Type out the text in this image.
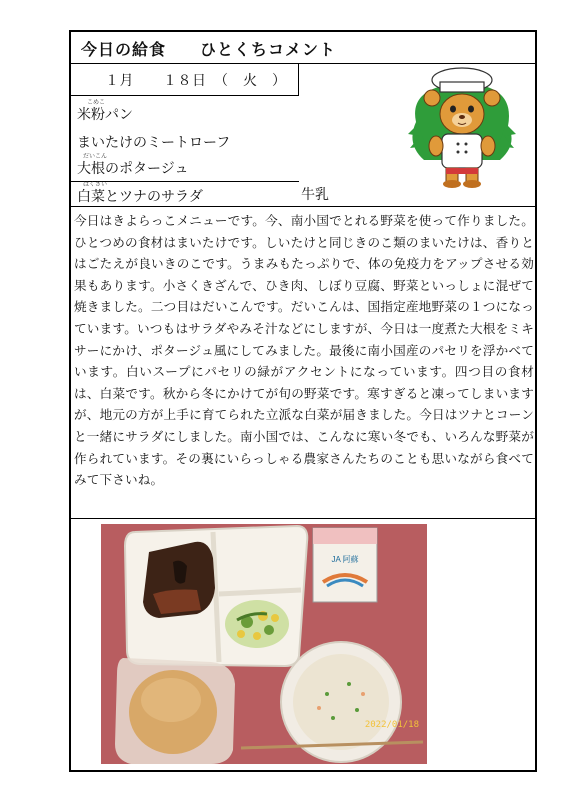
今日の給食　　ひとくちコメント
１月　　１８日　（　火　）
こめこ
米粉パン
まいたけのミートローフ
だいこん
大根のポタージュ
はくさい
白菜とツナのサラダ	牛乳
今日はきよらっこメニューです。今、南小国でとれる野菜を使って作りました。ひとつめの食材はまいたけです。しいたけと同じきのこ類のまいたけは、香りとはごたえが良いきのこです。うまみもたっぷりで、体の免疫力をアップさせる効果もあります。小さくきざんで、ひき肉、しぼり豆腐、野菜といっしょに混ぜて焼きました。二つ目はだいこんです。だいこんは、国指定産地野菜の１つになっています。いつもはサラダやみそ汁などにしますが、今日は一度煮た大根をミキサーにかけ、ポタージュ風にしてみました。最後に南小国産のパセリを浮かべています。白いスープにパセリの緑がアクセントになっています。四つ目の食材は、白菜です。秋から冬にかけてが旬の野菜です。寒すぎると凍ってしまいますが、地元の方が上手に育てられた立派な白菜が届きました。今日はツナとコーンと一緒にサラダにしました。南小国では、こんなに寒い冬でも、いろんな野菜が作られています。その裏にいらっしゃる農家さんたちのことも思いながら食べてみて下さいね。
JA 阿蘇
2022/01/18
